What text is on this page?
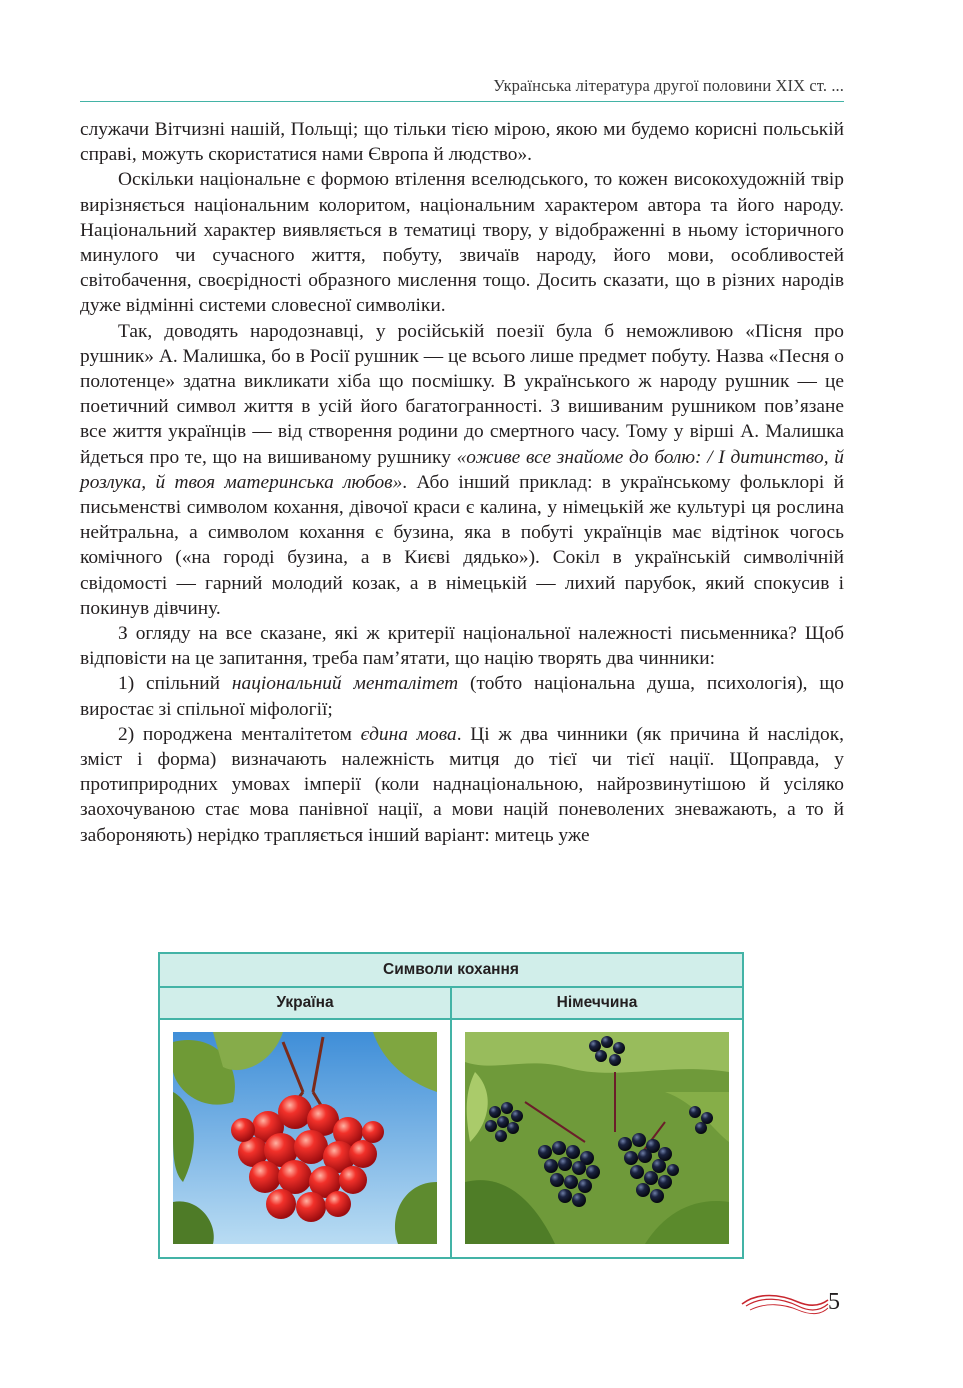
Українська література другої половини ХІХ ст. ...

служачи Вітчизні нашій, Польщі; що тільки тією мірою, якою ми будемо корисні польській справі, можуть скористатися нами Європа й людство».

Оскільки національне є формою втілення вселюдського, то кожен високохудожній твір вирізняється національним колоритом, національним характером автора та його народу. Національний характер виявляється в тематиці твору, у відображенні в ньому історичного минулого чи сучасного життя, побуту, звичаїв народу, його мови, особливостей світобачення, своєрідності образного мислення тощо. Досить сказати, що в різних народів дуже відмінні системи словесної символіки.

Так, доводять народознавці, у російській поезії була б неможливою «Пісня про рушник» А. Малишка, бо в Росії рушник — це всього лише предмет побуту. Назва «Песня о полотенце» здатна викликати хіба що посмішку. В українського ж народу рушник — це поетичний символ життя в усій його багатогранності. З вишиваним рушником пов’язане все життя українців — від створення родини до смертного часу. Тому у вірші А. Малишка йдеться про те, що на вишиваному рушнику «оживе все знайоме до болю: / І дитинство, й розлука, й твоя материнська любов». Або інший приклад: в українському фольклорі й письменстві символом кохання, дівочої краси є калина, у німецькій же культурі ця рослина нейтральна, а символом кохання є бузина, яка в побуті українців має відтінок чогось комічного («на городі бузина, а в Києві дядько»). Сокіл в українській символічній свідомості — гарний молодий козак, а в німецькій — лихий парубок, який спокусив і покинув дівчину.

З огляду на все сказане, які ж критерії національної належності письменника? Щоб відповісти на це запитання, треба пам’ятати, що націю творять два чинники:

1) спільний національний менталітет (тобто національна душа, психологія), що виростає зі спільної міфології;

2) породжена менталітетом єдина мова. Ці ж два чинники (як причина й наслідок, зміст і форма) визначають належність митця до тієї чи тієї нації. Щоправда, у протиприродних умовах імперії (коли наднаціональною, найрозвинутішою й усіляко заохочуваною стає мова панівної нації, а мови націй поневолених зневажають, а то й забороняють) нерідко трапляється інший варіант: митець уже

Символи кохання
Україна	Німеччина
5
